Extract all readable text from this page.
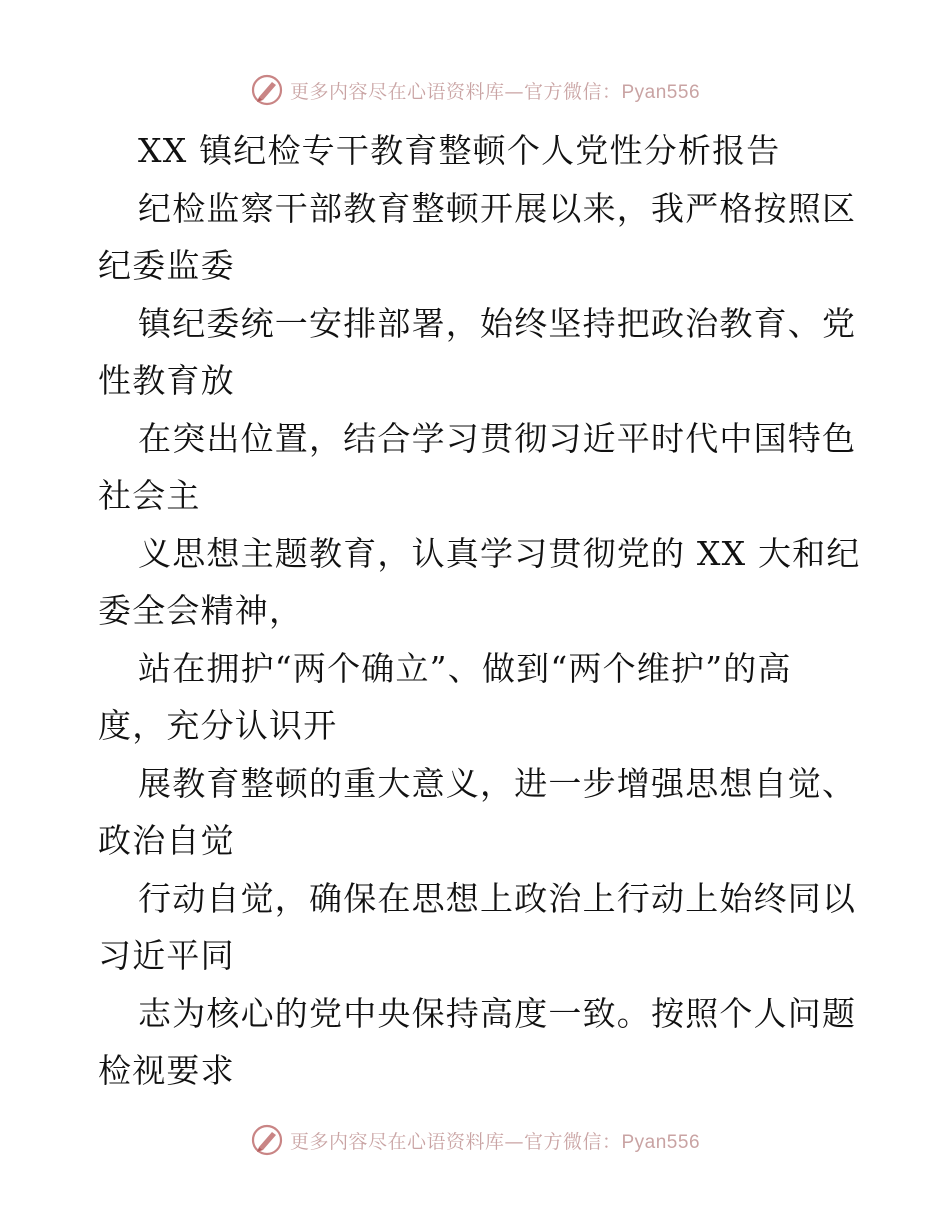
更多内容尽在心语资料库—官方微信：Pyan556
XX 镇纪检专干教育整顿个人党性分析报告
纪检监察干部教育整顿开展以来，我严格按照区
纪委监委
镇纪委统一安排部署，始终坚持把政治教育、党
性教育放
在突出位置，结合学习贯彻习近平时代中国特色
社会主
义思想主题教育，认真学习贯彻党的 XX 大和纪
委全会精神，
站在拥护“两个确立”、做到“两个维护”的高
度，充分认识开
展教育整顿的重大意义，进一步增强思想自觉、
政治自觉
行动自觉，确保在思想上政治上行动上始终同以
习近平同
志为核心的党中央保持高度一致。按照个人问题
检视要求
更多内容尽在心语资料库—官方微信：Pyan556
